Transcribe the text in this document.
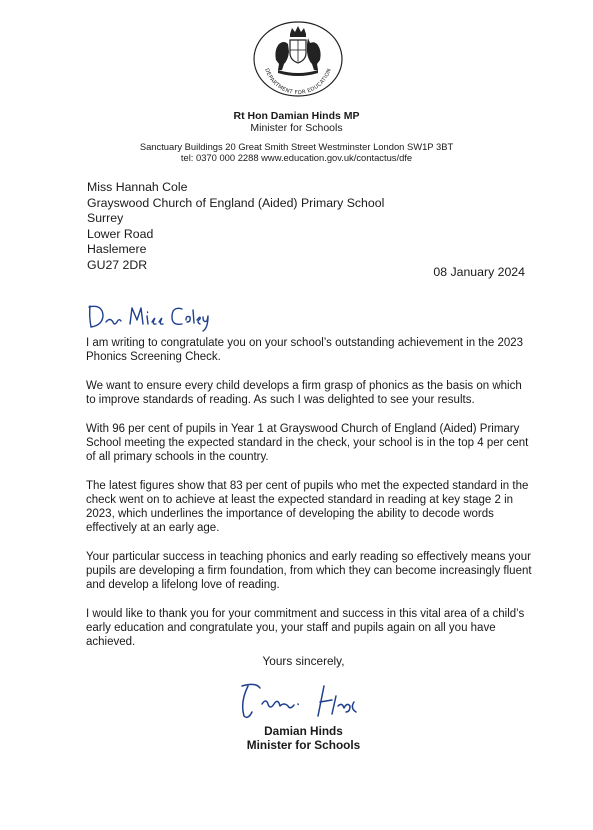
DEPARTMENT FOR EDUCATION
Rt Hon Damian Hinds MP
Minister for Schools
Sanctuary Buildings 20 Great Smith Street Westminster London SW1P 3BT
tel: 0370 000 2288 www.education.gov.uk/contactus/dfe
Miss Hannah Cole
Grayswood Church of England (Aided) Primary School
Surrey
Lower Road
Haslemere
GU27 2DR
08 January 2024

I am writing to congratulate you on your school’s outstanding achievement in the 2023 Phonics Screening Check.

We want to ensure every child develops a firm grasp of phonics as the basis on which to improve standards of reading. As such I was delighted to see your results.

With 96 per cent of pupils in Year 1 at Grayswood Church of England (Aided) Primary School meeting the expected standard in the check, your school is in the top 4 per cent of all primary schools in the country.

The latest figures show that 83 per cent of pupils who met the expected standard in the check went on to achieve at least the expected standard in reading at key stage 2 in 2023, which underlines the importance of developing the ability to decode words effectively at an early age.

Your particular success in teaching phonics and early reading so effectively means your pupils are developing a firm foundation, from which they can become increasingly fluent and develop a lifelong love of reading.

I would like to thank you for your commitment and success in this vital area of a child’s early education and congratulate you, your staff and pupils again on all you have achieved.

Yours sincerely,
Damian Hinds
Minister for Schools
